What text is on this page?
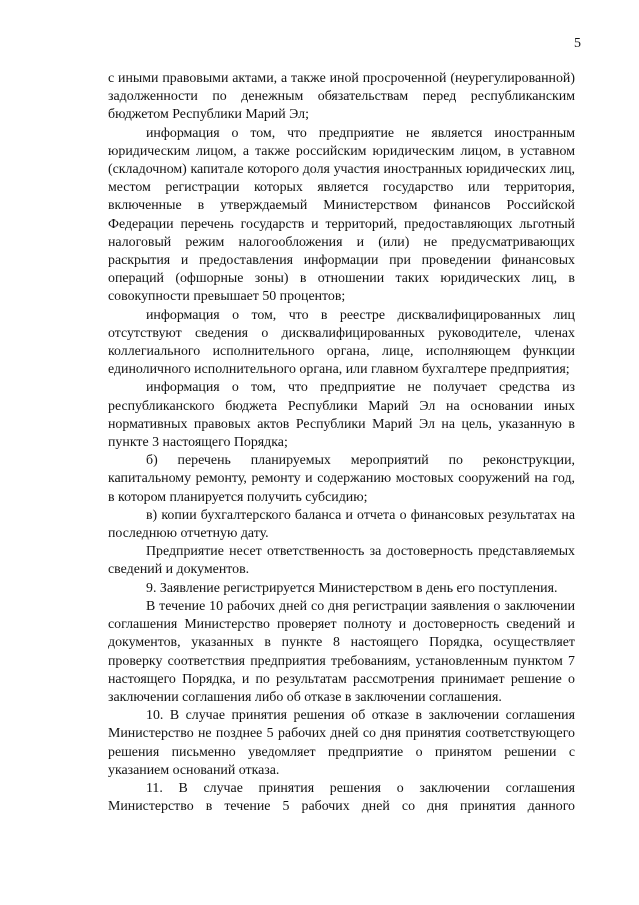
5

с иными правовыми актами, а также иной просроченной (неурегулированной) задолженности по денежным обязательствам перед республиканским бюджетом Республики Марий Эл;

информация о том, что предприятие не является иностранным юридическим лицом, а также российским юридическим лицом, в уставном (складочном) капитале которого доля участия иностранных юридических лиц, местом регистрации которых является государство или территория, включенные в утверждаемый Министерством финансов Российской Федерации перечень государств и территорий, предоставляющих льготный налоговый режим налогообложения и (или) не предусматривающих раскрытия и предоставления информации при проведении финансовых операций (офшорные зоны) в отношении таких юридических лиц, в совокупности превышает 50 процентов;

информация о том, что в реестре дисквалифицированных лиц отсутствуют сведения о дисквалифицированных руководителе, членах коллегиального исполнительного органа, лице, исполняющем функции единоличного исполнительного органа, или главном бухгалтере предприятия;

информация о том, что предприятие не получает средства из республиканского бюджета Республики Марий Эл на основании иных нормативных правовых актов Республики Марий Эл на цель, указанную в пункте 3 настоящего Порядка;

б) перечень планируемых мероприятий по реконструкции, капитальному ремонту, ремонту и содержанию мостовых сооружений на год, в котором планируется получить субсидию;

в) копии бухгалтерского баланса и отчета о финансовых результатах на последнюю отчетную дату.

Предприятие несет ответственность за достоверность представляемых сведений и документов.

9. Заявление регистрируется Министерством в день его поступления.

В течение 10 рабочих дней со дня регистрации заявления о заключении соглашения Министерство проверяет полноту и достоверность сведений и документов, указанных в пункте 8 настоящего Порядка, осуществляет проверку соответствия предприятия требованиям, установленным пунктом 7 настоящего Порядка, и по результатам рассмотрения принимает решение о заключении соглашения либо об отказе в заключении соглашения.

10. В случае принятия решения об отказе в заключении соглашения Министерство не позднее 5 рабочих дней со дня принятия соответствующего решения письменно уведомляет предприятие о принятом решении с указанием оснований отказа.

11. В случае принятия решения о заключении соглашения Министерство в течение 5 рабочих дней со дня принятия данного
